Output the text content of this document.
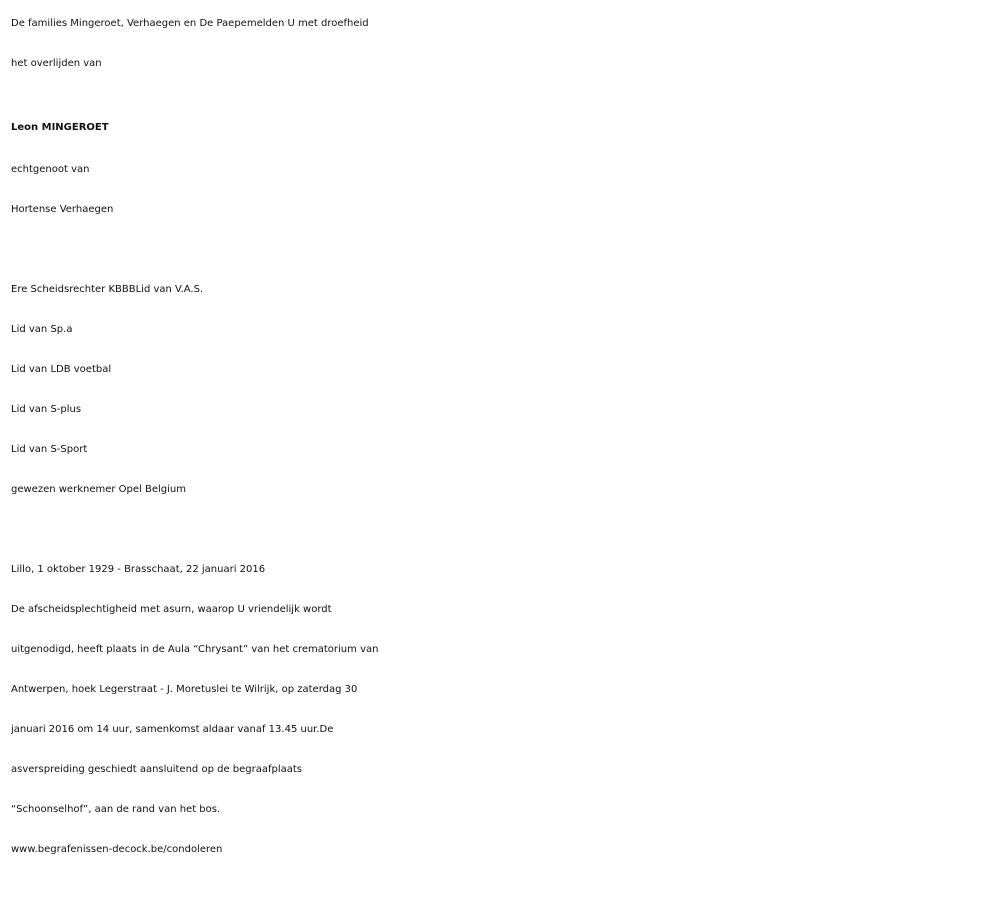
De families Mingeroet, Verhaegen en De Paepemelden U met droefheid
het overlijden van
Leon MINGEROET
echtgenoot van
Hortense Verhaegen
Ere Scheidsrechter KBBBLid van V.A.S.
Lid van Sp.a
Lid van LDB voetbal
Lid van S-plus
Lid van S-Sport
gewezen werknemer Opel Belgium
Lillo, 1 oktober 1929 - Brasschaat, 22 januari 2016
De afscheidsplechtigheid met asurn, waarop U vriendelijk wordt
uitgenodigd, heeft plaats in de Aula “Chrysant” van het crematorium van
Antwerpen, hoek Legerstraat - J. Moretuslei te Wilrijk, op zaterdag 30
januari 2016 om 14 uur, samenkomst aldaar vanaf 13.45 uur.De
asverspreiding geschiedt aansluitend op de begraafplaats
“Schoonselhof”, aan de rand van het bos.
www.begrafenissen-decock.be/condoleren
